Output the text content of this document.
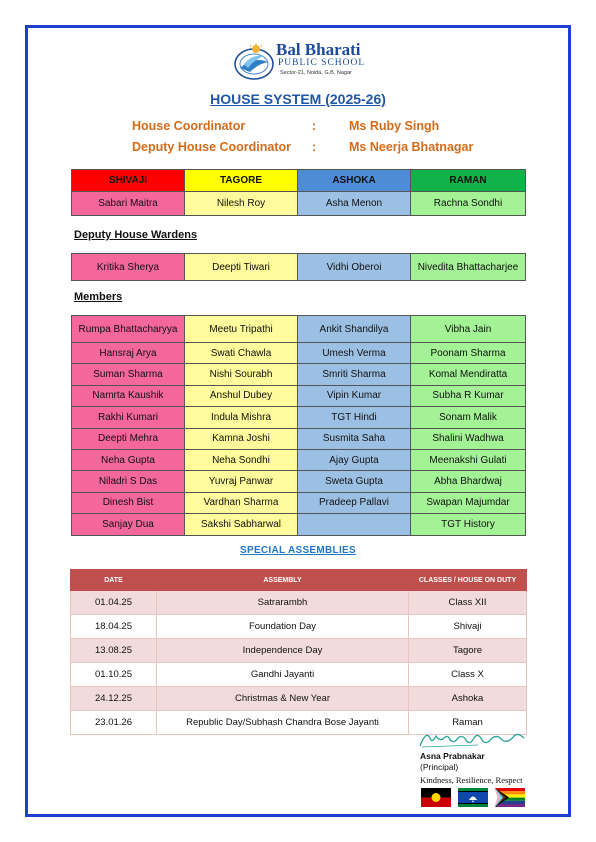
Bal Bharati
PUBLIC SCHOOL
Sector-21, Noida, G.B. Nagar
HOUSE SYSTEM (2025-26)
House Coordinator	:	Ms Ruby Singh
Deputy House Coordinator :	Ms Neerja Bhatnagar
SHIVAJI	TAGORE	ASHOKA	RAMAN
Sabari Maitra	Nilesh Roy	Asha Menon	Rachna Sondhi
Deputy House Wardens
Kritika Sherya	Deepti Tiwari	Vidhi Oberoi	Nivedita Bhattacharjee
Members
Rumpa Bhattacharyya	Meetu Tripathi	Ankit Shandilya	Vibha Jain
Hansraj Arya	Swati Chawla	Umesh Verma	Poonam Sharma
Suman Sharma	Nishi Sourabh	Smriti Sharma	Komal Mendiratta
Namrta Kaushik	Anshul Dubey	Vipin Kumar	Subha R Kumar
Rakhi Kumari	Indula Mishra	TGT Hindi	Sonam Malik
Deepti Mehra	Kamna Joshi	Susmita Saha	Shalini Wadhwa
Neha Gupta	Neha Sondhi	Ajay Gupta	Meenakshi Gulati
Niladri S Das	Yuvraj Panwar	Sweta Gupta	Abha Bhardwaj
Dinesh Bist	Vardhan Sharma	Pradeep Pallavi	Swapan Majumdar
Sanjay Dua	Sakshi Sabharwal		TGT History
SPECIAL ASSEMBLIES
DATE	ASSEMBLY	CLASSES / HOUSE ON DUTY
01.04.25	Satrarambh	Class XII
18.04.25	Foundation Day	Shivaji
13.08.25	Independence Day	Tagore
01.10.25	Gandhi Jayanti	Class X
24.12.25	Christmas & New Year	Ashoka
23.01.26	Republic Day/Subhash Chandra Bose Jayanti	Raman
Asna Prabnakar
(Principal)
Kindness, Resilience, Respect
